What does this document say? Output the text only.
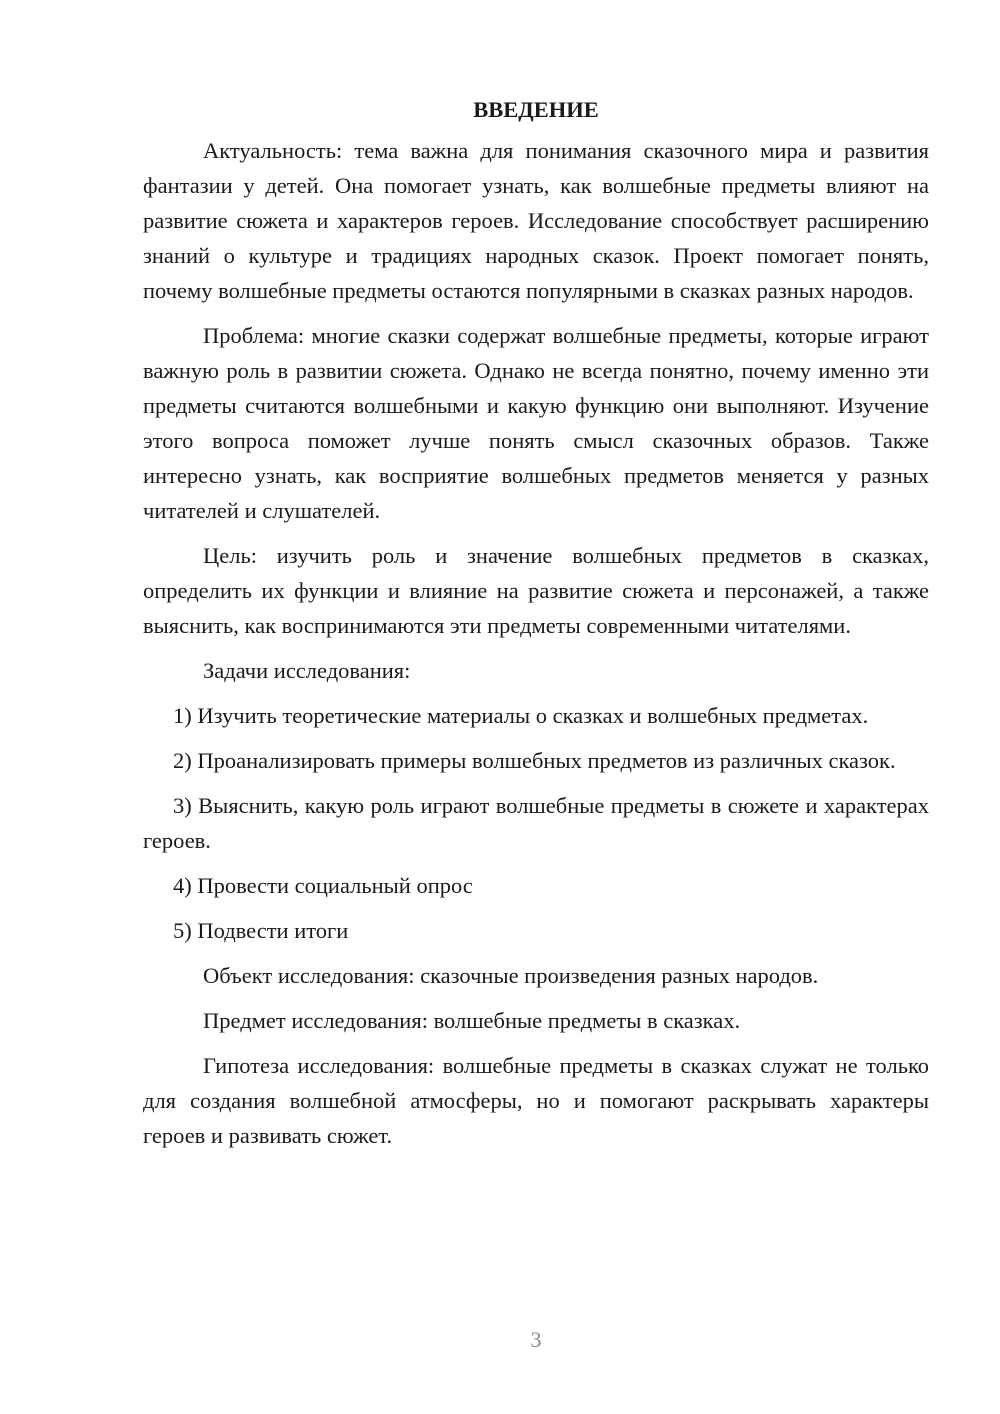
ВВЕДЕНИЕ

Актуальность: тема важна для понимания сказочного мира и развития фантазии у детей. Она помогает узнать, как волшебные предметы влияют на развитие сюжета и характеров героев. Исследование способствует расширению знаний о культуре и традициях народных сказок. Проект помогает понять, почему волшебные предметы остаются популярными в сказках разных народов.

Проблема: многие сказки содержат волшебные предметы, которые играют важную роль в развитии сюжета. Однако не всегда понятно, почему именно эти предметы считаются волшебными и какую функцию они выполняют. Изучение этого вопроса поможет лучше понять смысл сказочных образов. Также интересно узнать, как восприятие волшебных предметов меняется у разных читателей и слушателей.

Цель: изучить роль и значение волшебных предметов в сказках, определить их функции и влияние на развитие сюжета и персонажей, а также выяснить, как воспринимаются эти предметы современными читателями.

Задачи исследования:

1) Изучить теоретические материалы о сказках и волшебных предметах.

2) Проанализировать примеры волшебных предметов из различных сказок.

3) Выяснить, какую роль играют волшебные предметы в сюжете и характерах героев.

4) Провести социальный опрос

5) Подвести итоги

Объект исследования: сказочные произведения разных народов.

Предмет исследования: волшебные предметы в сказках.

Гипотеза исследования: волшебные предметы в сказках служат не только для создания волшебной атмосферы, но и помогают раскрывать характеры героев и развивать сюжет.

3
